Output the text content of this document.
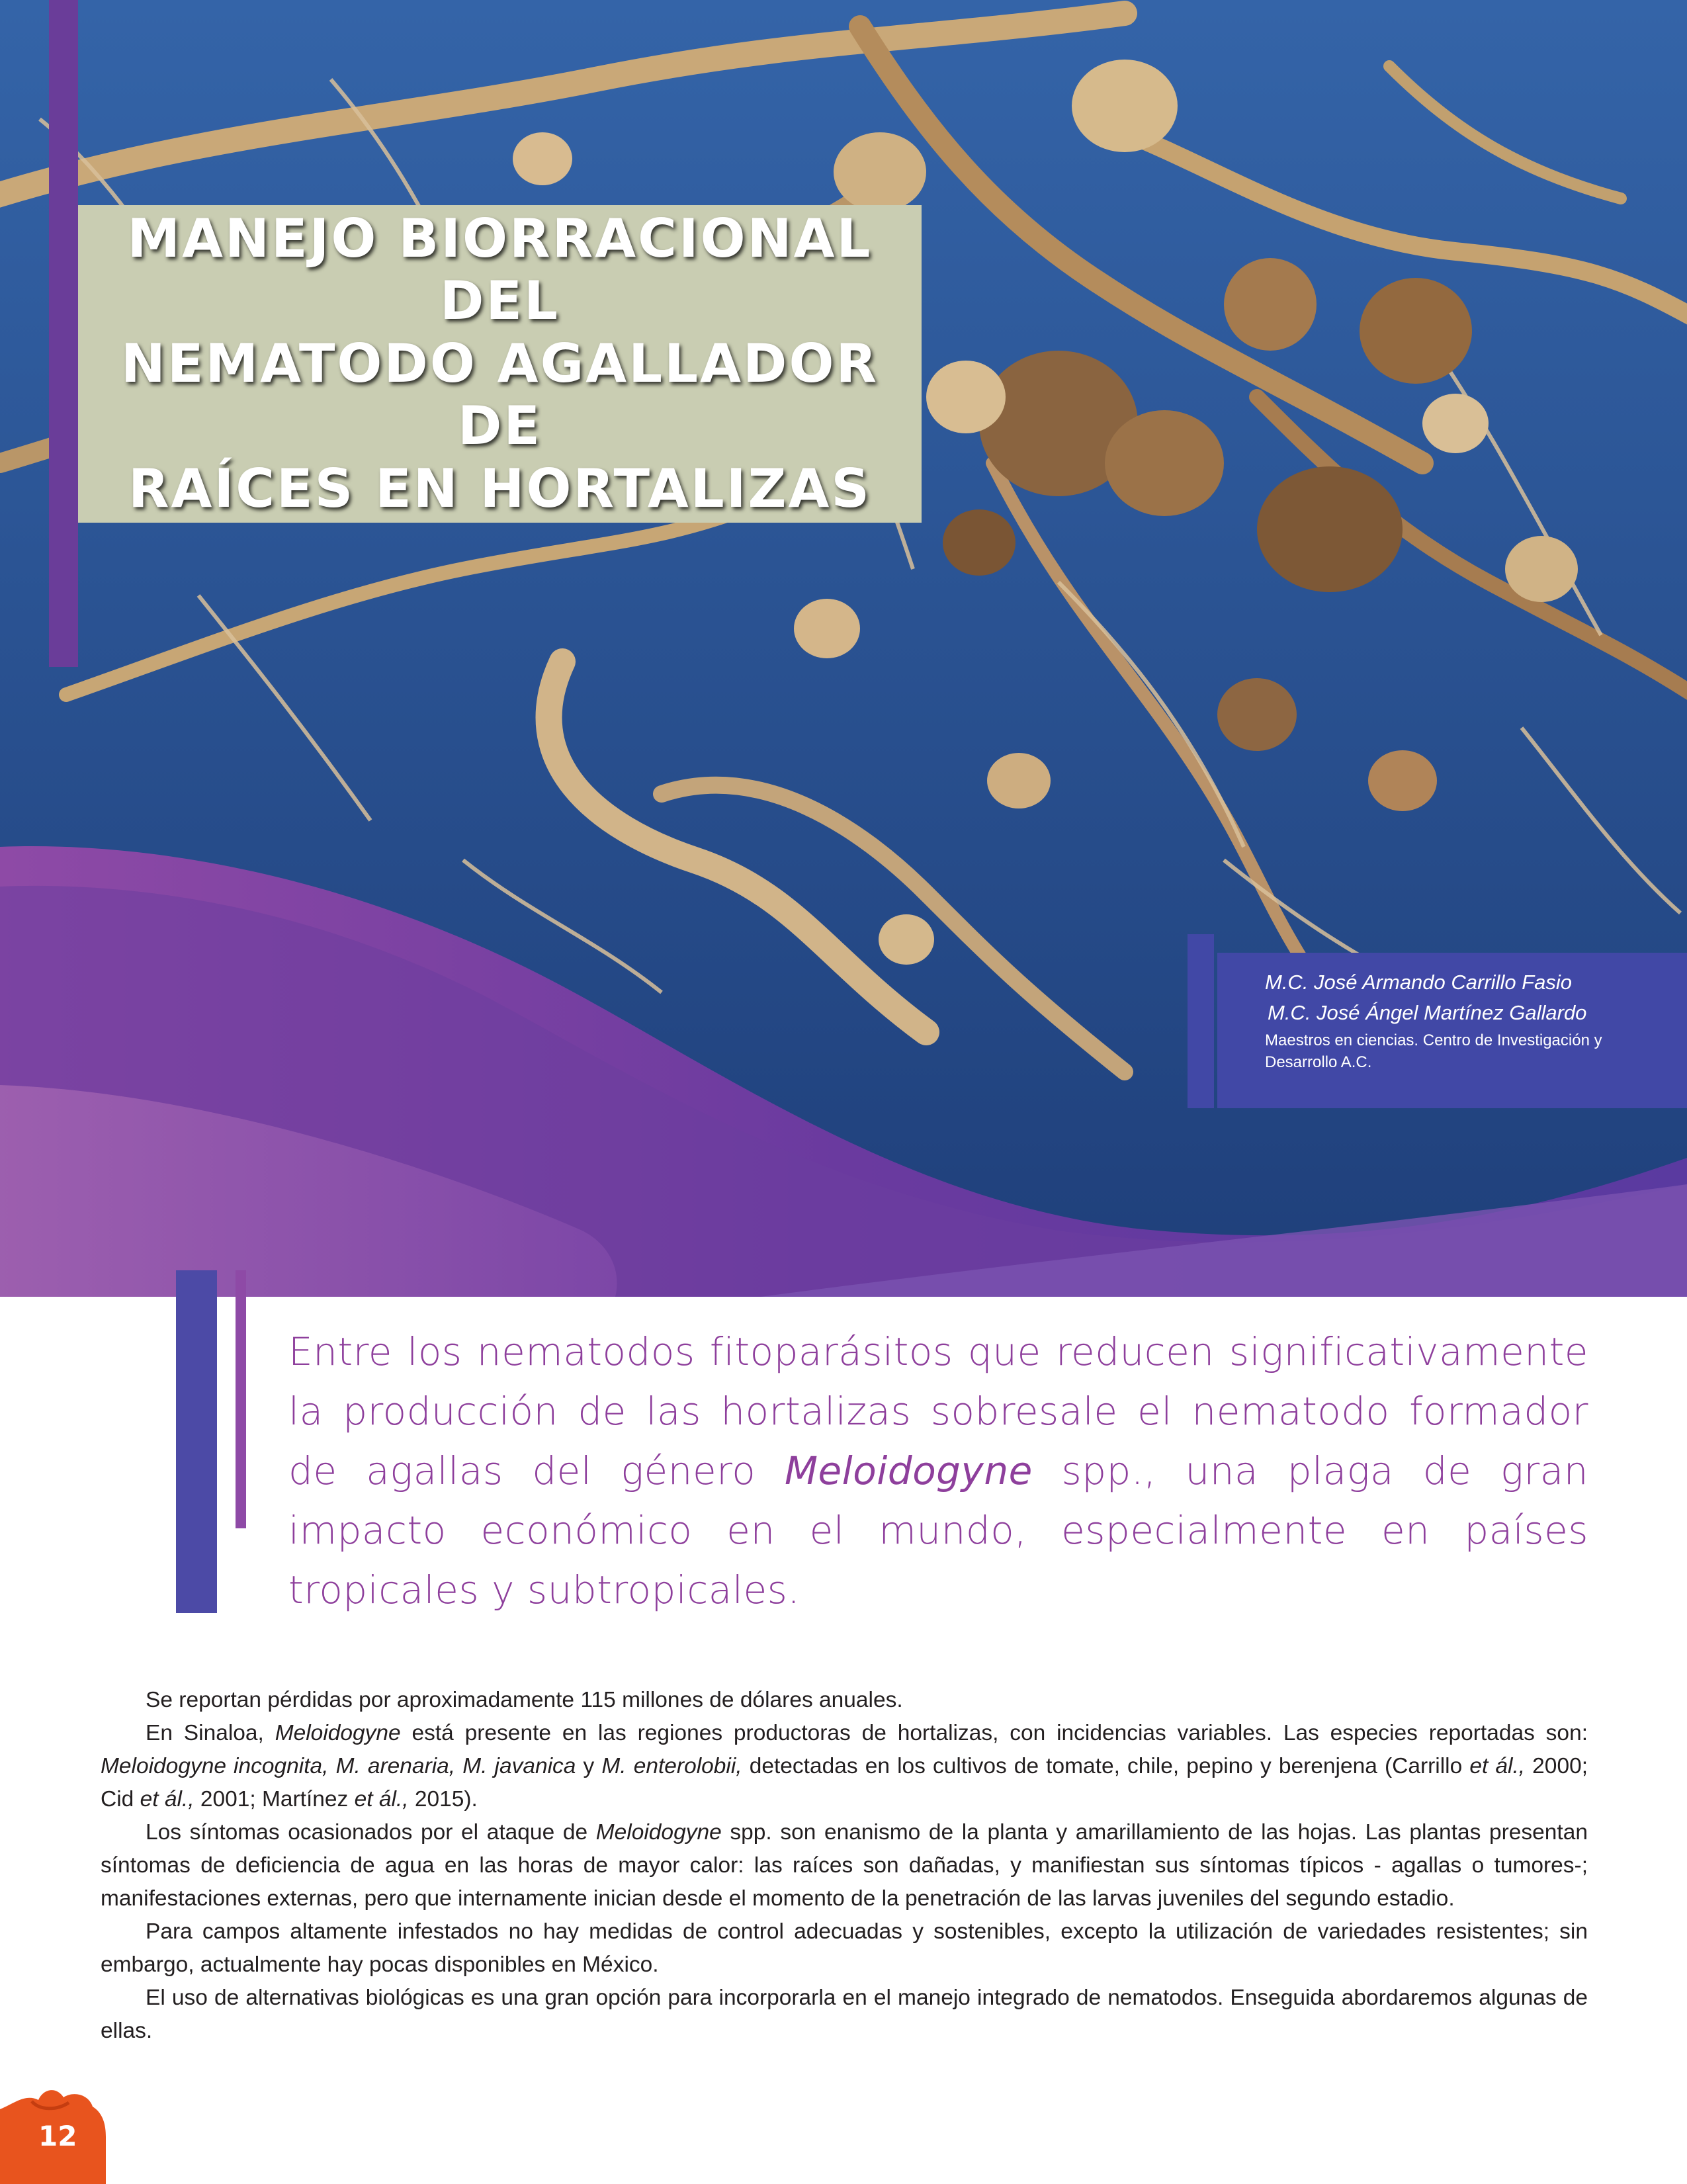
MANEJO BIORRACIONAL DEL
NEMATODO AGALLADOR DE
RAÍCES EN HORTALIZAS
M.C. José Armando Carrillo Fasio
M.C. José Ángel Martínez Gallardo
Maestros en ciencias. Centro de Investigación y Desarrollo A.C.
Entre los nematodos fitoparásitos que reducen significativamente la producción de las hortalizas sobresale el nematodo formador de agallas del género Meloidogyne spp., una plaga de gran impacto económico en el mundo, especialmente en países tropicales y subtropicales.

Se reportan pérdidas por aproximadamente 115 millones de dólares anuales.

En Sinaloa, Meloidogyne está presente en las regiones productoras de hortalizas, con incidencias variables. Las especies reportadas son: Meloidogyne incognita, M. arenaria, M. javanica y M. enterolobii, detectadas en los cultivos de tomate, chile, pepino y berenjena (Carrillo et ál., 2000; Cid et ál., 2001; Martínez et ál., 2015).

Los síntomas ocasionados por el ataque de Meloidogyne spp. son enanismo de la planta y amarillamiento de las hojas. Las plantas presentan síntomas de deficiencia de agua en las horas de mayor calor: las raíces son dañadas, y manifiestan sus síntomas típicos - agallas o tumores-; manifestaciones externas, pero que internamente inician desde el momento de la penetración de las larvas juveniles del segundo estadio.

Para campos altamente infestados no hay medidas de control adecuadas y sostenibles, excepto la utilización de variedades resistentes; sin embargo, actualmente hay pocas disponibles en México.

El uso de alternativas biológicas es una gran opción para incorporarla en el manejo integrado de nematodos. Enseguida abordaremos algunas de ellas.

12
